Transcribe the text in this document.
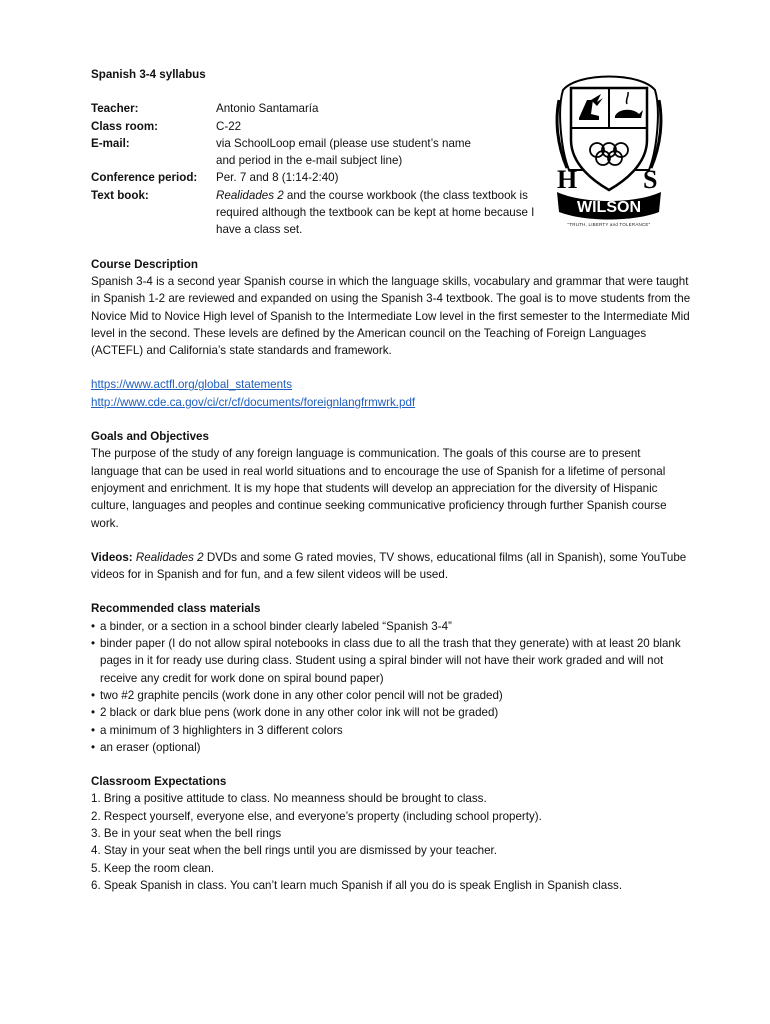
H	S
WILSON
"TRUTH, LIBERTY and TOLERANCE"
Spanish 3-4 syllabus
Teacher:	Antonio Santamaría
Class room:	C-22
E-mail:	via SchoolLoop email (please use student’s name
and period in the e-mail subject line)
Conference period:	Per. 7 and 8 (1:14-2:40)
Text book:	Realidades 2 and the course workbook (the class textbook is required although the textbook can be kept at home because I have a class set.
Course Description

Spanish 3-4 is a second year Spanish course in which the language skills, vocabulary and grammar that were taught in Spanish 1-2 are reviewed and expanded on using the Spanish 3-4 textbook. The goal is to move students from the Novice Mid to Novice High level of Spanish to the Intermediate Low level in the first semester to the Intermediate Mid level in the second. These levels are defined by the American council on the Teaching of Foreign Languages (ACTEFL) and California’s state standards and framework.

https://www.actfl.org/global_statements
http://www.cde.ca.gov/ci/cr/cf/documents/foreignlangfrmwrk.pdf
Goals and Objectives

The purpose of the study of any foreign language is communication. The goals of this course are to present language that can be used in real world situations and to encourage the use of Spanish for a lifetime of personal enjoyment and enrichment. It is my hope that students will develop an appreciation for the diversity of Hispanic culture, languages and peoples and continue seeking communicative proficiency through further Spanish course work.

Videos: Realidades 2 DVDs and some G rated movies, TV shows, educational films (all in Spanish), some YouTube videos for in Spanish and for fun, and a few silent videos will be used.

Recommended class materials
• a binder, or a section in a school binder clearly labeled “Spanish 3-4”
• binder paper (I do not allow spiral notebooks in class due to all the trash that they generate) with at least 20 blank pages in it for ready use during class. Student using a spiral binder will not have their work graded and will not receive any credit for work done on spiral bound paper)
• two #2 graphite pencils (work done in any other color pencil will not be graded)
• 2 black or dark blue pens (work done in any other color ink will not be graded)
• a minimum of 3 highlighters in 3 different colors
• an eraser (optional)
Classroom Expectations
1. Bring a positive attitude to class. No meanness should be brought to class.
2. Respect yourself, everyone else, and everyone’s property (including school property).
3. Be in your seat when the bell rings
4. Stay in your seat when the bell rings until you are dismissed by your teacher.
5. Keep the room clean.
6. Speak Spanish in class. You can’t learn much Spanish if all you do is speak English in Spanish class.
